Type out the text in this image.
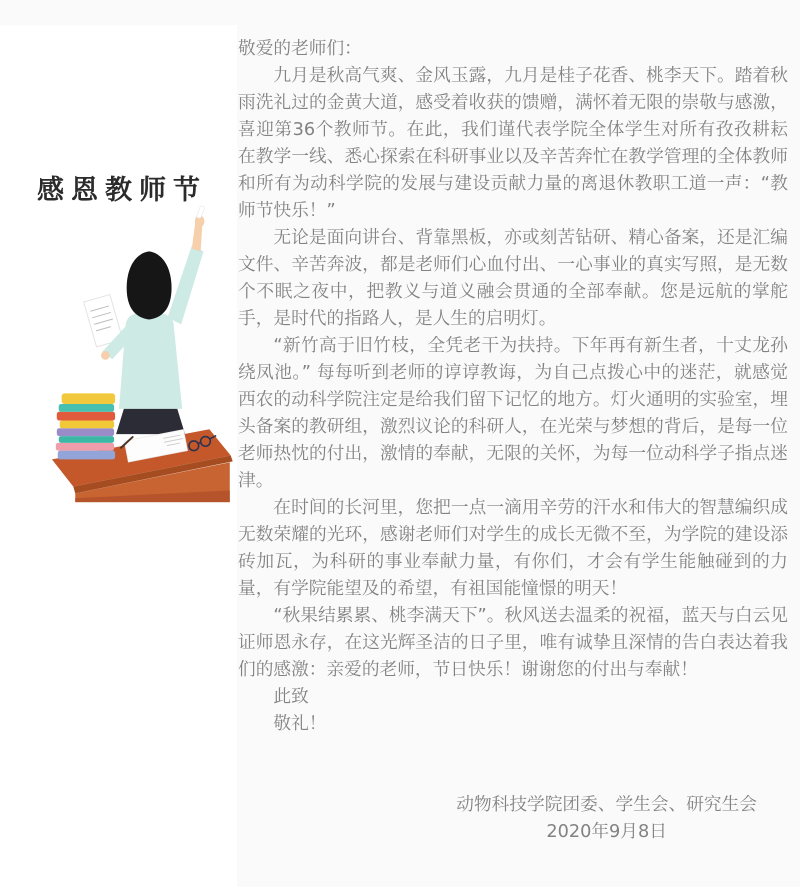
感恩教师节

敬爱的老师们：

九月是秋高气爽、金风玉露，九月是桂子花香、桃李天下。踏着秋雨洗礼过的金黄大道，感受着收获的馈赠，满怀着无限的崇敬与感激，喜迎第36个教师节。在此，我们谨代表学院全体学生对所有孜孜耕耘在教学一线、悉心探索在科研事业以及辛苦奔忙在教学管理的全体教师和所有为动科学院的发展与建设贡献力量的离退休教职工道一声：“教师节快乐！”

无论是面向讲台、背靠黑板，亦或刻苦钻研、精心备案，还是汇编文件、辛苦奔波，都是老师们心血付出、一心事业的真实写照，是无数个不眠之夜中，把教义与道义融会贯通的全部奉献。您是远航的掌舵手，是时代的指路人，是人生的启明灯。

“新竹高于旧竹枝，全凭老干为扶持。下年再有新生者，十丈龙孙绕凤池。” 每每听到老师的谆谆教诲，为自己点拨心中的迷茫，就感觉西农的动科学院注定是给我们留下记忆的地方。灯火通明的实验室，埋头备案的教研组，激烈议论的科研人，在光荣与梦想的背后，是每一位老师热忱的付出，激情的奉献，无限的关怀，为每一位动科学子指点迷津。

在时间的长河里，您把一点一滴用辛劳的汗水和伟大的智慧编织成无数荣耀的光环，感谢老师们对学生的成长无微不至，为学院的建设添砖加瓦，为科研的事业奉献力量，有你们，才会有学生能触碰到的力量，有学院能望及的希望，有祖国能憧憬的明天！

“秋果结累累、桃李满天下”。秋风送去温柔的祝福，蓝天与白云见证师恩永存，在这光辉圣洁的日子里，唯有诚挚且深情的告白表达着我们的感激：亲爱的老师，节日快乐！谢谢您的付出与奉献！

此致

敬礼！

动物科技学院团委、学生会、研究生会
2020年9月8日
